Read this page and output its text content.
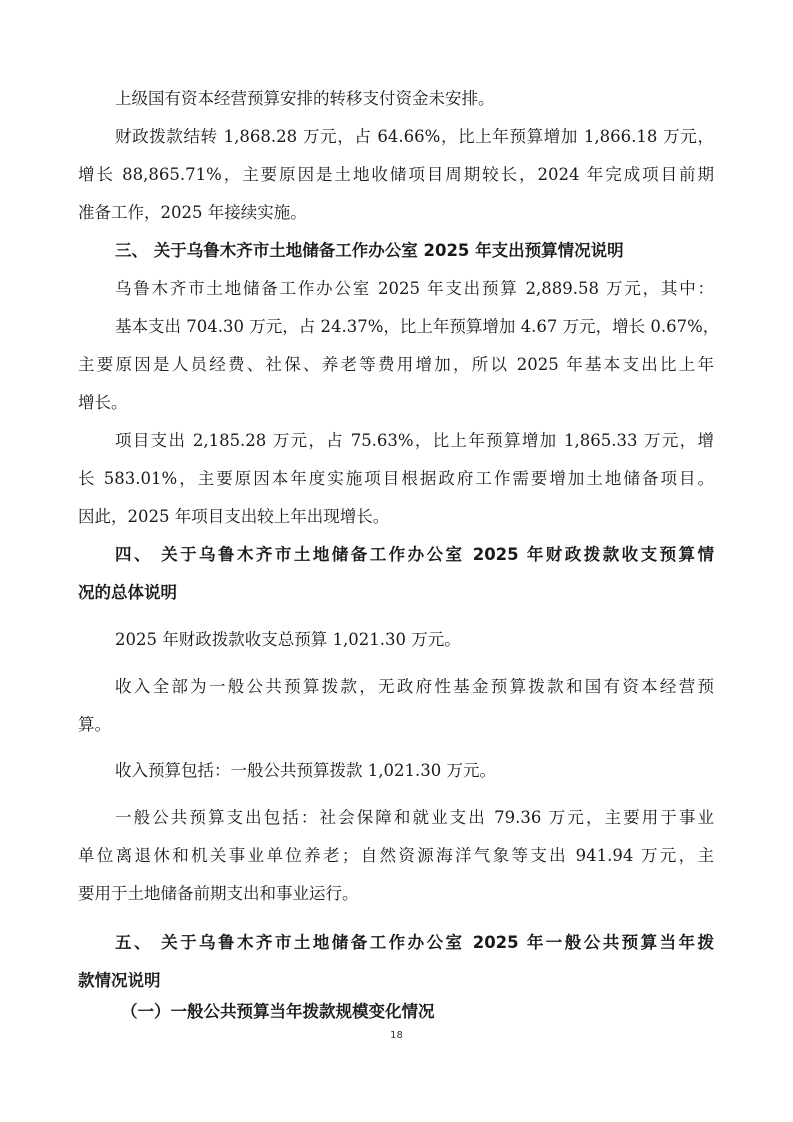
上级国有资本经营预算安排的转移支付资金未安排。

财政拨款结转 1,868.28 万元，占 64.66%，比上年预算增加 1,866.18 万元，

增长 88,865.71%，主要原因是土地收储项目周期较长，2024 年完成项目前期

准备工作，2025 年接续实施。

三、 关于乌鲁木齐市土地储备工作办公室 2025 年支出预算情况说明

乌鲁木齐市土地储备工作办公室 2025 年支出预算 2,889.58 万元，其中：

基本支出 704.30 万元，占 24.37%，比上年预算增加 4.67 万元，增长 0.67%，

主要原因是人员经费、社保、养老等费用增加，所以 2025 年基本支出比上年

增长。

项目支出 2,185.28 万元，占 75.63%，比上年预算增加 1,865.33 万元，增

长 583.01%，主要原因本年度实施项目根据政府工作需要增加土地储备项目。

因此，2025 年项目支出较上年出现增长。

四、 关于乌鲁木齐市土地储备工作办公室 2025 年财政拨款收支预算情

况的总体说明

2025 年财政拨款收支总预算 1,021.30 万元。

收入全部为一般公共预算拨款，无政府性基金预算拨款和国有资本经营预

算。

收入预算包括：一般公共预算拨款 1,021.30 万元。

一般公共预算支出包括：社会保障和就业支出 79.36 万元，主要用于事业

单位离退休和机关事业单位养老；自然资源海洋气象等支出 941.94 万元，主

要用于土地储备前期支出和事业运行。

五、 关于乌鲁木齐市土地储备工作办公室 2025 年一般公共预算当年拨

款情况说明

（一）一般公共预算当年拨款规模变化情况

18
